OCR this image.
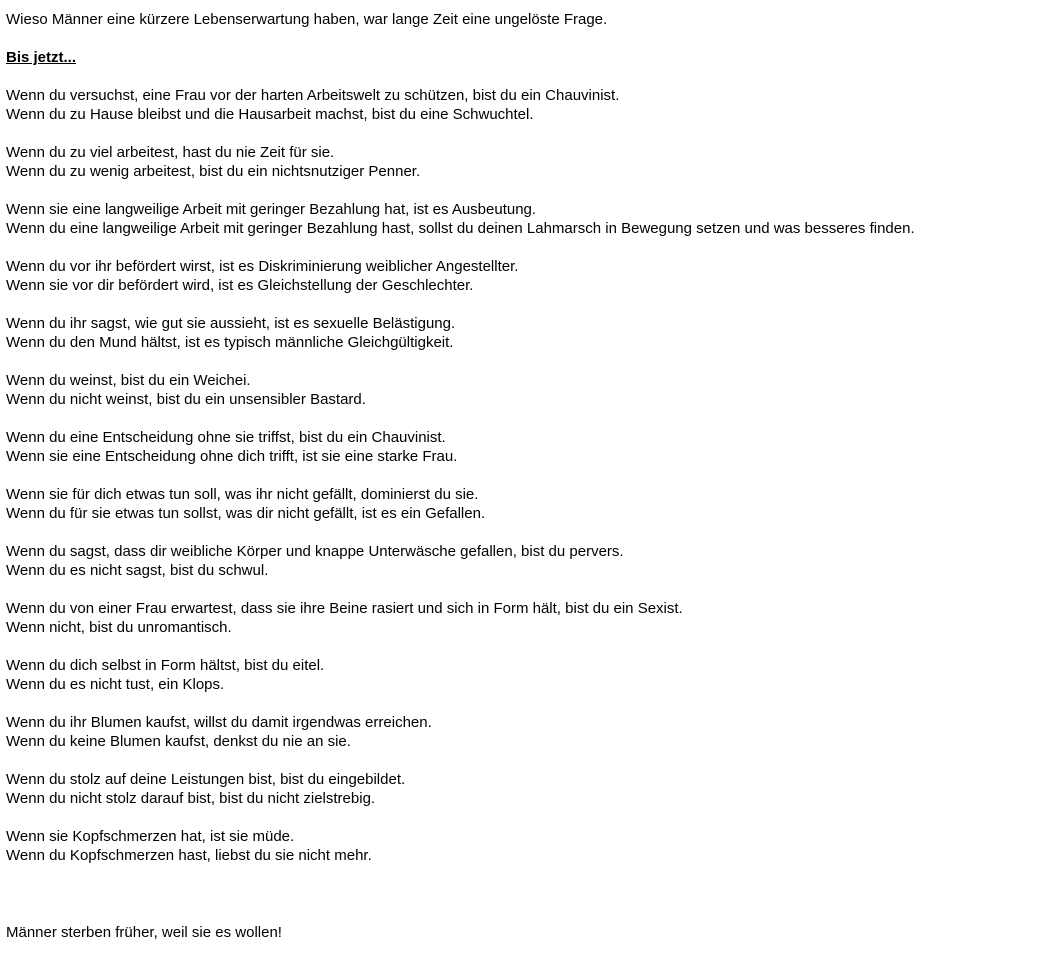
Wieso Männer eine kürzere Lebenserwartung haben, war lange Zeit eine ungelöste Frage.
Bis jetzt...
Wenn du versuchst, eine Frau vor der harten Arbeitswelt zu schützen, bist du ein Chauvinist.
Wenn du zu Hause bleibst und die Hausarbeit machst, bist du eine Schwuchtel.
Wenn du zu viel arbeitest, hast du nie Zeit für sie.
Wenn du zu wenig arbeitest, bist du ein nichtsnutziger Penner.
Wenn sie eine langweilige Arbeit mit geringer Bezahlung hat, ist es Ausbeutung.
Wenn du eine langweilige Arbeit mit geringer Bezahlung hast, sollst du deinen Lahmarsch in Bewegung setzen und was besseres finden.
Wenn du vor ihr befördert wirst, ist es Diskriminierung weiblicher Angestellter.
Wenn sie vor dir befördert wird, ist es Gleichstellung der Geschlechter.
Wenn du ihr sagst, wie gut sie aussieht, ist es sexuelle Belästigung.
Wenn du den Mund hältst, ist es typisch männliche Gleichgültigkeit.
Wenn du weinst, bist du ein Weichei.
Wenn du nicht weinst, bist du ein unsensibler Bastard.
Wenn du eine Entscheidung ohne sie triffst, bist du ein Chauvinist.
Wenn sie eine Entscheidung ohne dich trifft, ist sie eine starke Frau.
Wenn sie für dich etwas tun soll, was ihr nicht gefällt, dominierst du sie.
Wenn du für sie etwas tun sollst, was dir nicht gefällt, ist es ein Gefallen.
Wenn du sagst, dass dir weibliche Körper und knappe Unterwäsche gefallen, bist du pervers.
Wenn du es nicht sagst, bist du schwul.
Wenn du von einer Frau erwartest, dass sie ihre Beine rasiert und sich in Form hält, bist du ein Sexist.
Wenn nicht, bist du unromantisch.
Wenn du dich selbst in Form hältst, bist du eitel.
Wenn du es nicht tust, ein Klops.
Wenn du ihr Blumen kaufst, willst du damit irgendwas erreichen.
Wenn du keine Blumen kaufst, denkst du nie an sie.
Wenn du stolz auf deine Leistungen bist, bist du eingebildet.
Wenn du nicht stolz darauf bist, bist du nicht zielstrebig.
Wenn sie Kopfschmerzen hat, ist sie müde.
Wenn du Kopfschmerzen hast, liebst du sie nicht mehr.
Männer sterben früher, weil sie es wollen!
